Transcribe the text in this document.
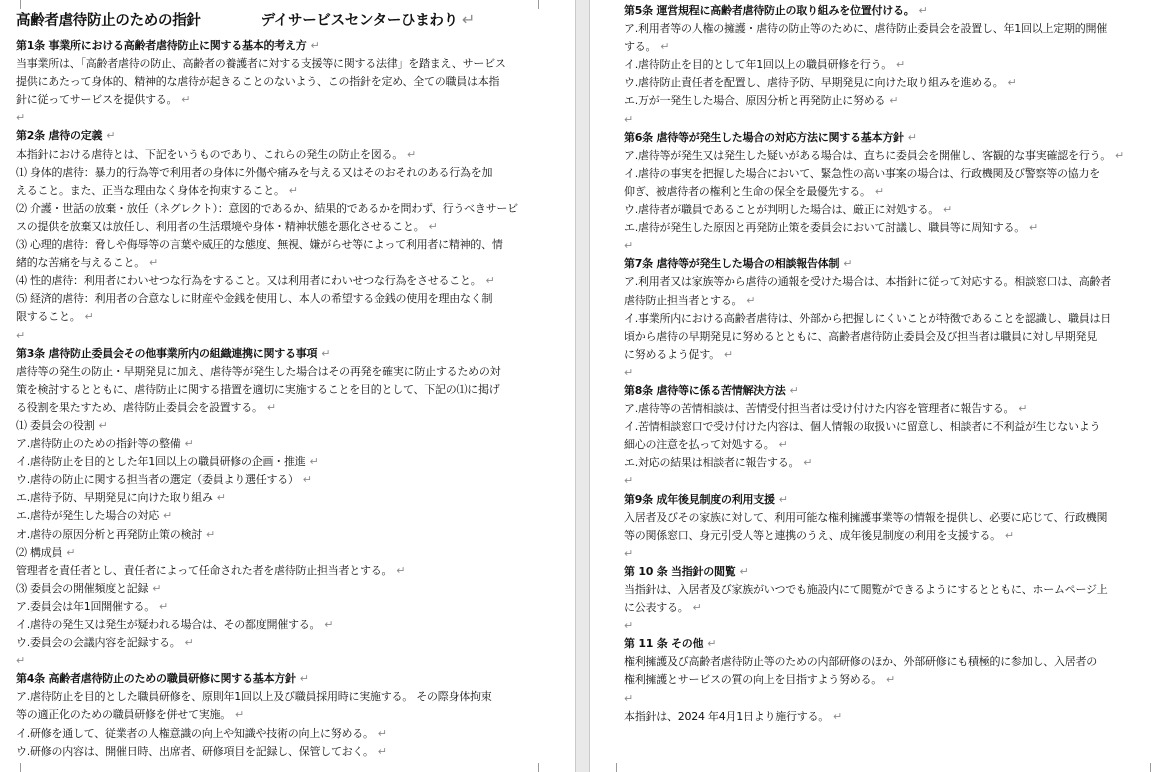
高齢者虐待防止のための指針	デイサービスセンターひまわり ↵
第1条 事業所における高齢者虐待防止に関する基本的考え方 ↵
当事業所は、「高齢者虐待の防止、高齢者の養護者に対する支援等に関する法律」を踏まえ、サービス
提供にあたって身体的、精神的な虐待が起きることのないよう、この指針を定め、全ての職員は本指
針に従ってサービスを提供する。 ↵
↵
第2条 虐待の定義 ↵
本指針における虐待とは、下記をいうものであり、これらの発生の防止を図る。 ↵
⑴ 身体的虐待：暴力的行為等で利用者の身体に外傷や痛みを与える又はそのおそれのある行為を加
えること。また、正当な理由なく身体を拘束すること。 ↵
⑵ 介護・世話の放棄・放任（ネグレクト）：意図的であるか、結果的であるかを問わず、行うべきサービ
スの提供を放棄又は放任し、利用者の生活環境や身体・精神状態を悪化させること。 ↵
⑶ 心理的虐待：脅しや侮辱等の言葉や威圧的な態度、無視、嫌がらせ等によって利用者に精神的、情
緒的な苦痛を与えること。 ↵
⑷ 性的虐待：利用者にわいせつな行為をすること。又は利用者にわいせつな行為をさせること。 ↵
⑸ 経済的虐待：利用者の合意なしに財産や金銭を使用し、本人の希望する金銭の使用を理由なく制
限すること。 ↵
↵
第3条 虐待防止委員会その他事業所内の組織連携に関する事項 ↵
虐待等の発生の防止・早期発見に加え、虐待等が発生した場合はその再発を確実に防止するための対
策を検討するとともに、虐待防止に関する措置を適切に実施することを目的として、下記の⑴に掲げ
る役割を果たすため、虐待防止委員会を設置する。 ↵
⑴ 委員会の役割 ↵
ア.虐待防止のための指針等の整備 ↵
イ.虐待防止を目的とした年1回以上の職員研修の企画・推進 ↵
ウ.虐待の防止に関する担当者の選定（委員より選任する） ↵
エ.虐待予防、早期発見に向けた取り組み ↵
エ.虐待が発生した場合の対応 ↵
オ.虐待の原因分析と再発防止策の検討 ↵
⑵ 構成員 ↵
管理者を責任者とし、責任者によって任命された者を虐待防止担当者とする。 ↵
⑶ 委員会の開催頻度と記録 ↵
ア.委員会は年1回開催する。 ↵
イ.虐待の発生又は発生が疑われる場合は、その都度開催する。 ↵
ウ.委員会の会議内容を記録する。 ↵
↵
第4条 高齢者虐待防止のための職員研修に関する基本方針 ↵
ア.虐待防止を目的とした職員研修を、原則年1回以上及び職員採用時に実施する。 その際身体拘束
等の適正化のための職員研修を併せて実施。 ↵
イ.研修を通して、従業者の人権意識の向上や知識や技術の向上に努める。 ↵
ウ.研修の内容は、開催日時、出席者、研修項目を記録し、保管しておく。 ↵
第5条 運営規程に高齢者虐待防止の取り組みを位置付ける。 ↵
ア.利用者等の人権の擁護・虐待の防止等のために、虐待防止委員会を設置し、年1回以上定期的開催
する。 ↵
イ.虐待防止を目的として年1回以上の職員研修を行う。 ↵
ウ.虐待防止責任者を配置し、虐待予防、早期発見に向けた取り組みを進める。 ↵
エ.万が一発生した場合、原因分析と再発防止に努める ↵
↵
第6条 虐待等が発生した場合の対応方法に関する基本方針 ↵
ア.虐待等が発生又は発生した疑いがある場合は、直ちに委員会を開催し、客観的な事実確認を行う。 ↵
イ.虐待の事実を把握した場合において、緊急性の高い事案の場合は、行政機関及び警察等の協力を
仰ぎ、被虐待者の権利と生命の保全を最優先する。 ↵
ウ.虐待者が職員であることが判明した場合は、厳正に対処する。 ↵
エ.虐待が発生した原因と再発防止策を委員会において討議し、職員等に周知する。 ↵
↵
第7条 虐待等が発生した場合の相談報告体制 ↵
ア.利用者又は家族等から虐待の通報を受けた場合は、本指針に従って対応する。相談窓口は、高齢者
虐待防止担当者とする。 ↵
イ.事業所内における高齢者虐待は、外部から把握しにくいことが特徴であることを認識し、職員は日
頃から虐待の早期発見に努めるとともに、高齢者虐待防止委員会及び担当者は職員に対し早期発見
に努めるよう促す。 ↵
↵
第8条 虐待等に係る苦情解決方法 ↵
ア.虐待等の苦情相談は、苦情受付担当者は受け付けた内容を管理者に報告する。 ↵
イ.苦情相談窓口で受け付けた内容は、個人情報の取扱いに留意し、相談者に不利益が生じないよう
細心の注意を払って対処する。 ↵
エ.対応の結果は相談者に報告する。 ↵
↵
第9条 成年後見制度の利用支援 ↵
入居者及びその家族に対して、利用可能な権利擁護事業等の情報を提供し、必要に応じて、行政機関
等の関係窓口、身元引受人等と連携のうえ、成年後見制度の利用を支援する。 ↵
↵
第 10 条 当指針の閲覧 ↵
当指針は、入居者及び家族がいつでも施設内にて閲覧ができるようにするとともに、ホームページ上
に公表する。 ↵
↵
第 11 条 その他 ↵
権利擁護及び高齢者虐待防止等のための内部研修のほか、外部研修にも積極的に参加し、入居者の
権利擁護とサービスの質の向上を目指すよう努める。 ↵
↵
本指針は、2024 年4月1日より施行する。 ↵
